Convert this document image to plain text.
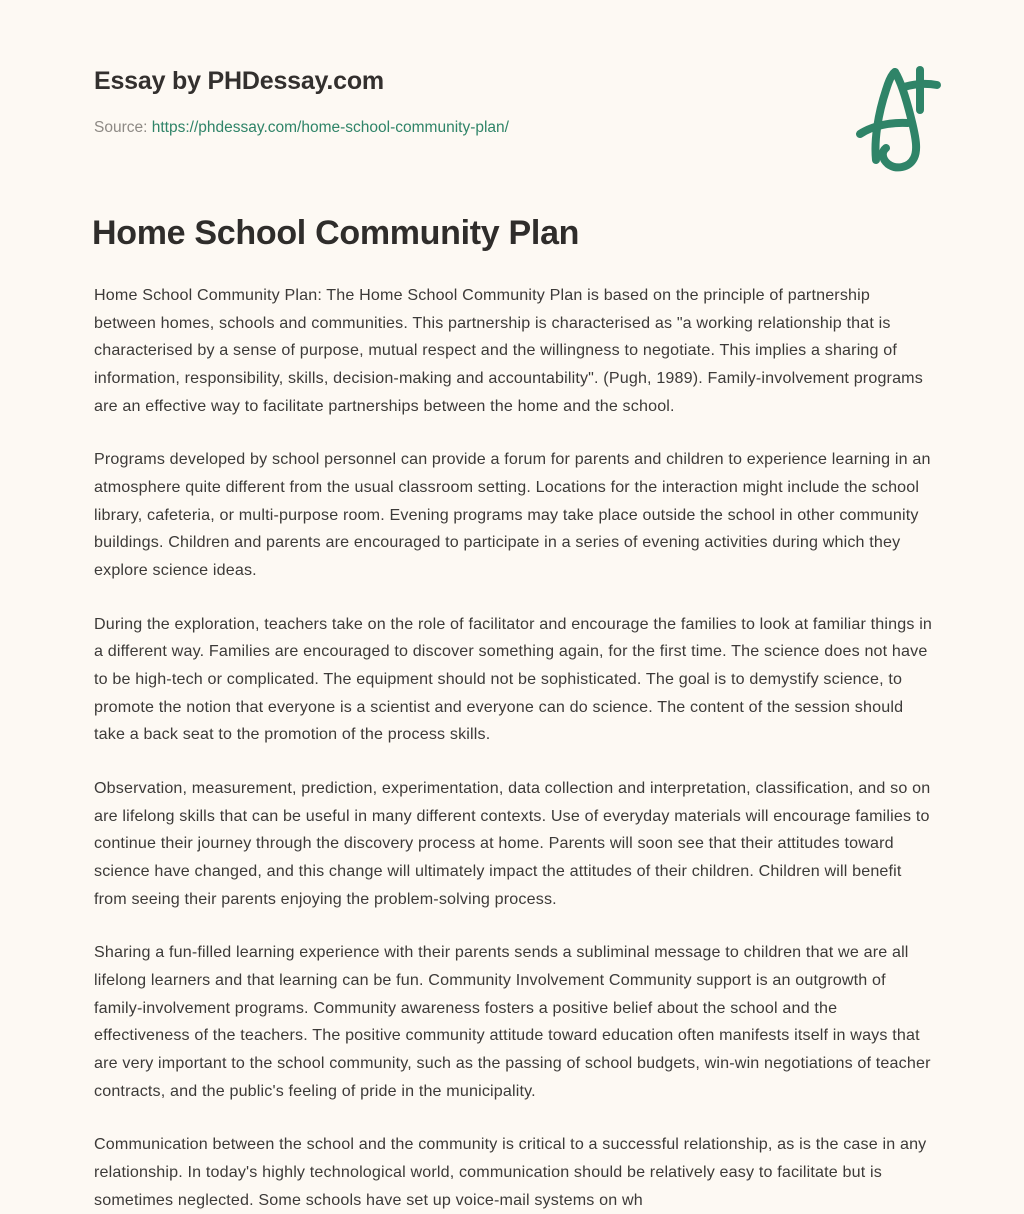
Essay by PHDessay.com
Source: https://phdessay.com/home-school-community-plan/
Home School Community Plan

Home School Community Plan: The Home School Community Plan is based on the principle of partnership between homes, schools and communities. This partnership is characterised as "a working relationship that is characterised by a sense of purpose, mutual respect and the willingness to negotiate. This implies a sharing of information, responsibility, skills, decision-making and accountability". (Pugh, 1989). Family-involvement programs are an effective way to facilitate partnerships between the home and the school.

Programs developed by school personnel can provide a forum for parents and children to experience learning in an atmosphere quite different from the usual classroom setting. Locations for the interaction might include the school library, cafeteria, or multi-purpose room. Evening programs may take place outside the school in other community buildings. Children and parents are encouraged to participate in a series of evening activities during which they explore science ideas.

During the exploration, teachers take on the role of facilitator and encourage the families to look at familiar things in a different way. Families are encouraged to discover something again, for the first time. The science does not have to be high-tech or complicated. The equipment should not be sophisticated. The goal is to demystify science, to promote the notion that everyone is a scientist and everyone can do science. The content of the session should take a back seat to the promotion of the process skills.

Observation, measurement, prediction, experimentation, data collection and interpretation, classification, and so on are lifelong skills that can be useful in many different contexts. Use of everyday materials will encourage families to continue their journey through the discovery process at home. Parents will soon see that their attitudes toward science have changed, and this change will ultimately impact the attitudes of their children. Children will benefit from seeing their parents enjoying the problem-solving process.

Sharing a fun-filled learning experience with their parents sends a subliminal message to children that we are all lifelong learners and that learning can be fun. Community Involvement Community support is an outgrowth of family-involvement programs. Community awareness fosters a positive belief about the school and the effectiveness of the teachers. The positive community attitude toward education often manifests itself in ways that are very important to the school community, such as the passing of school budgets, win-win negotiations of teacher contracts, and the public's feeling of pride in the municipality.

Communication between the school and the community is critical to a successful relationship, as is the case in any relationship. In today's highly technological world, communication should be relatively easy to facilitate but is sometimes neglected. Some schools have set up voice-mail systems on wh
